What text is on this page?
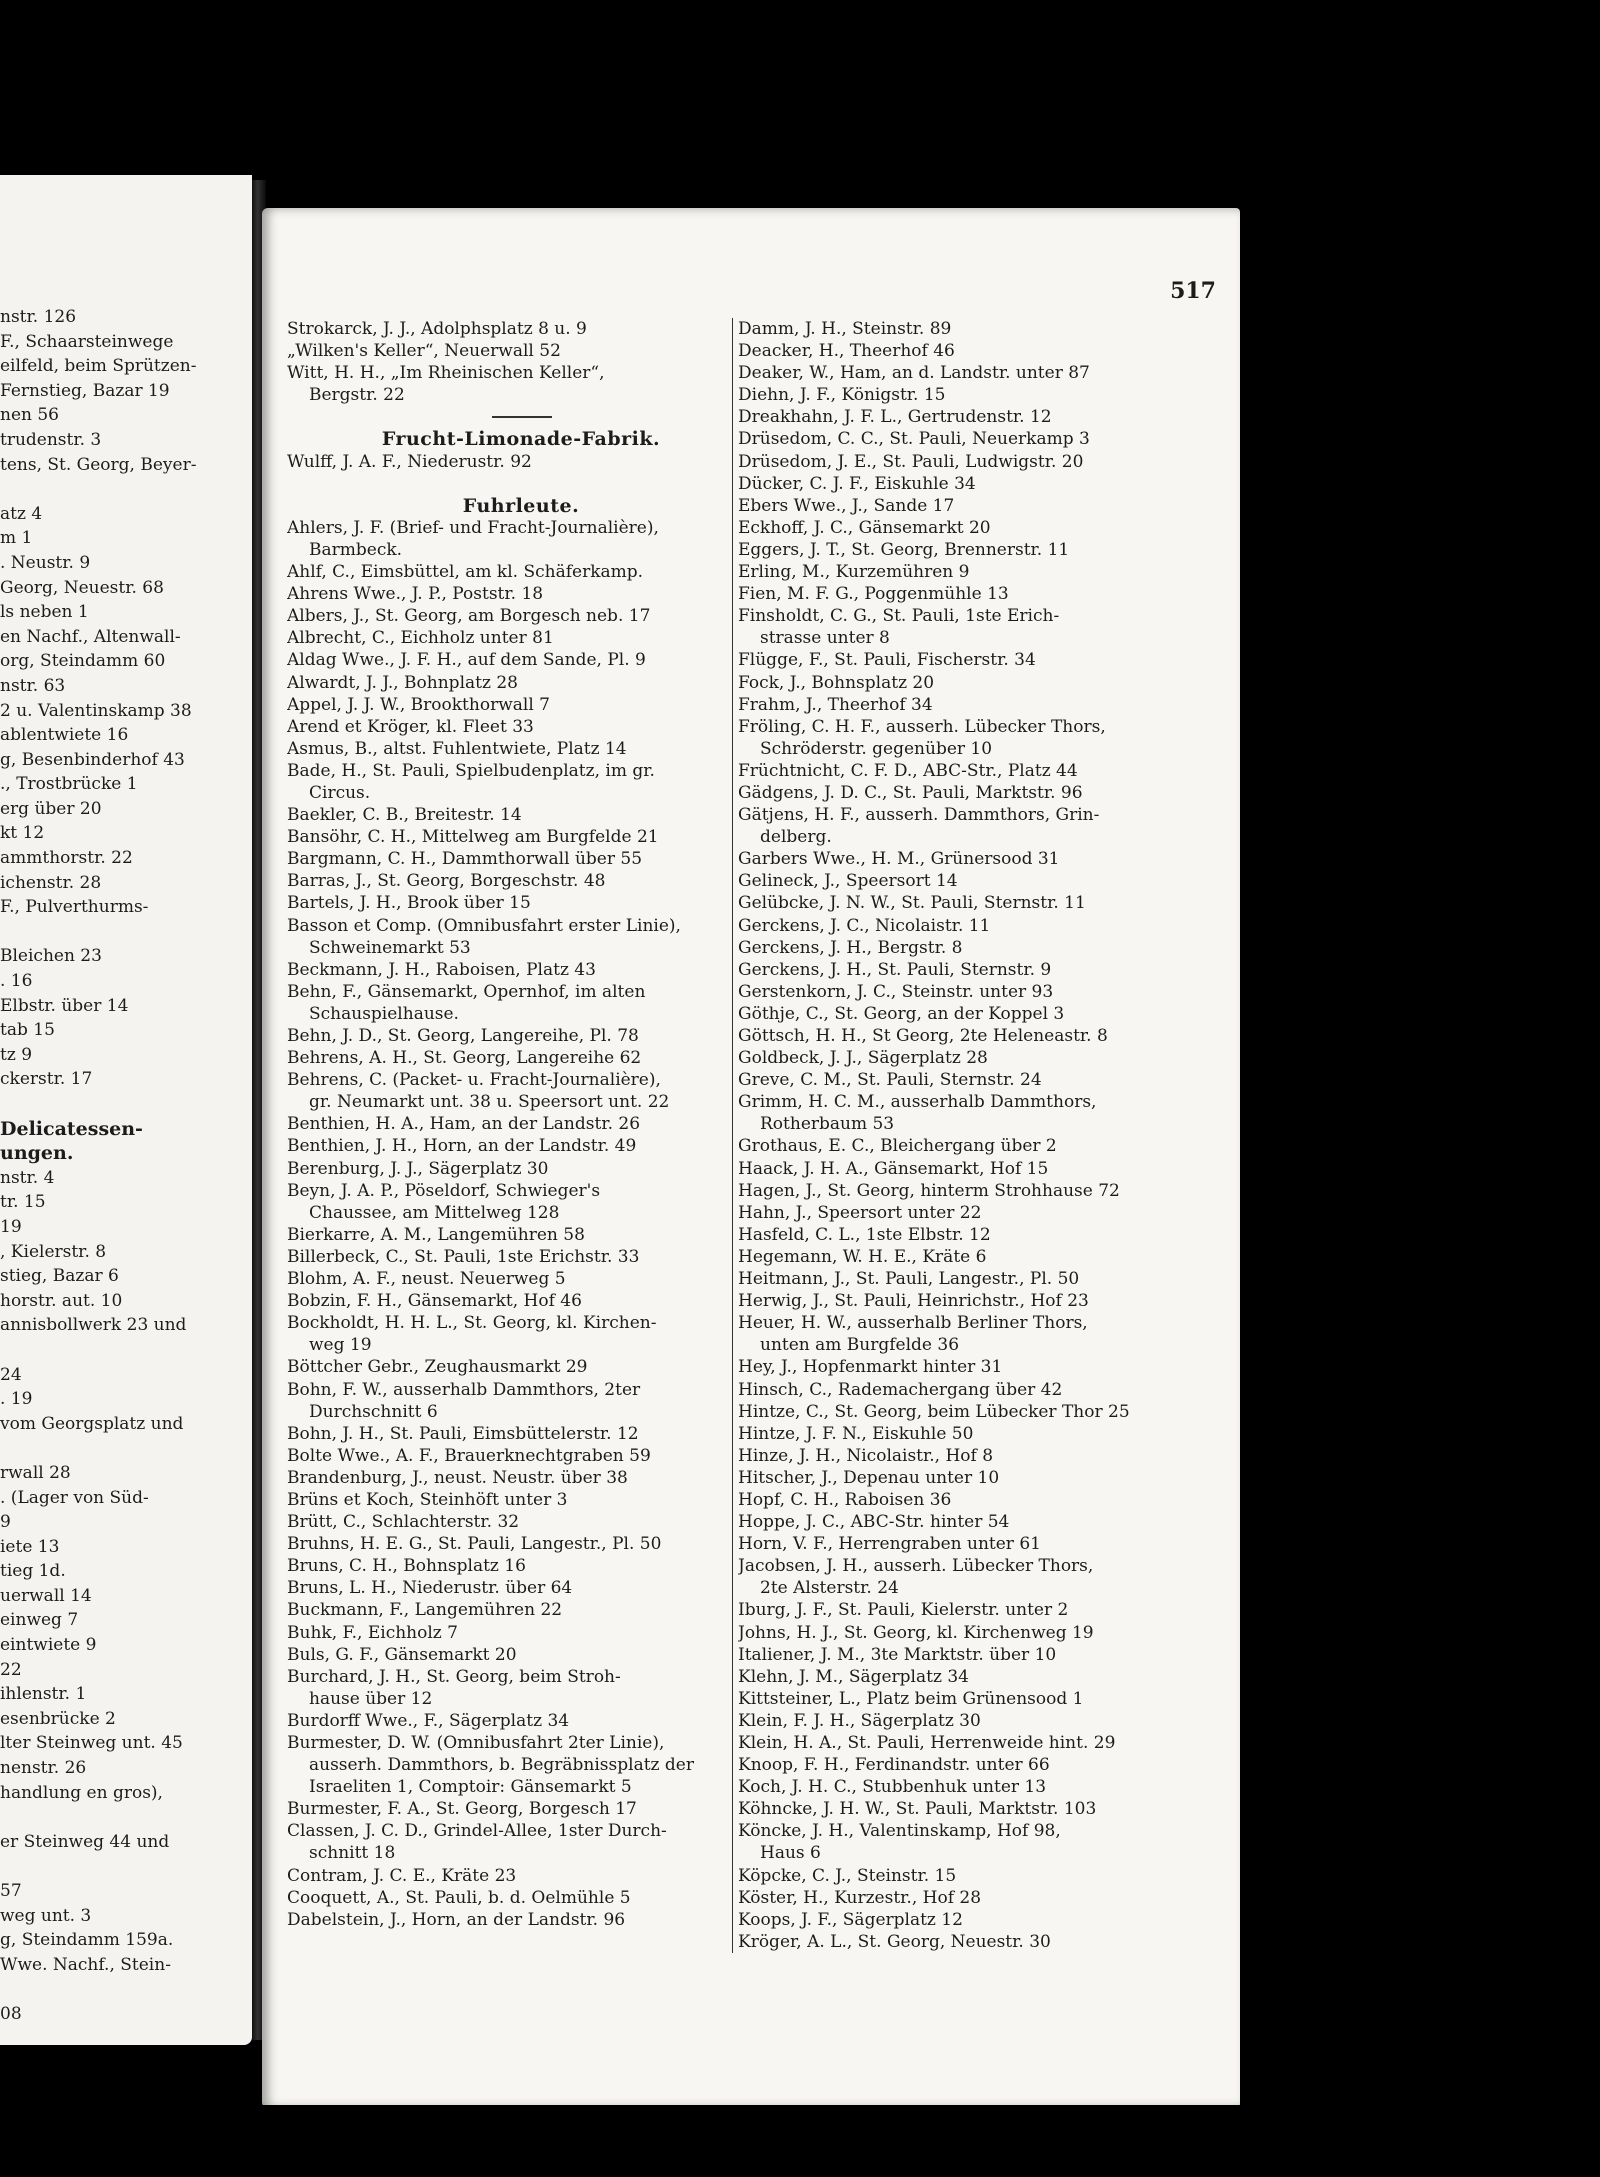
nstr. 126
F., Schaarsteinwege
eilfeld, beim Sprützen-
Fernstieg, Bazar 19
nen 56
trudenstr. 3
tens, St. Georg, Beyer-
atz 4
m 1
. Neustr. 9
Georg, Neuestr. 68
ls neben 1
en Nachf., Altenwall-
org, Steindamm 60
nstr. 63
2 u. Valentinskamp 38
ablentwiete 16
g, Besenbinderhof 43
., Trostbrücke 1
erg über 20
kt 12
ammthorstr. 22
ichenstr. 28
F., Pulverthurms-
Bleichen 23
. 16
Elbstr. über 14
tab 15
tz 9
ckerstr. 17
Delicatessen-
ungen.
nstr. 4
tr. 15
19
, Kielerstr. 8
stieg, Bazar 6
horstr. aut. 10
annisbollwerk 23 und
24
. 19
vom Georgsplatz und
rwall 28
. (Lager von Süd-
9
iete 13
tieg 1d.
uerwall 14
einweg 7
eintwiete 9
22
ihlenstr. 1
esenbrücke 2
lter Steinweg unt. 45
nenstr. 26
handlung en gros),
er Steinweg 44 und
57
weg unt. 3
g, Steindamm 159a.
Wwe. Nachf., Stein-
08
517
Strokarck, J. J., Adolphsplatz 8 u. 9
„Wilken's Keller“, Neuerwall 52
Witt, H. H., „Im Rheinischen Keller“,
Bergstr. 22
Frucht-Limonade-Fabrik.
Wulff, J. A. F., Niederustr. 92
Fuhrleute.
Ahlers, J. F. (Brief- und Fracht-Journalière),
Barmbeck.
Ahlf, C., Eimsbüttel, am kl. Schäferkamp.
Ahrens Wwe., J. P., Poststr. 18
Albers, J., St. Georg, am Borgesch neb. 17
Albrecht, C., Eichholz unter 81
Aldag Wwe., J. F. H., auf dem Sande, Pl. 9
Alwardt, J. J., Bohnplatz 28
Appel, J. J. W., Brookthorwall 7
Arend et Kröger, kl. Fleet 33
Asmus, B., altst. Fuhlentwiete, Platz 14
Bade, H., St. Pauli, Spielbudenplatz, im gr.
Circus.
Baekler, C. B., Breitestr. 14
Bansöhr, C. H., Mittelweg am Burgfelde 21
Bargmann, C. H., Dammthorwall über 55
Barras, J., St. Georg, Borgeschstr. 48
Bartels, J. H., Brook über 15
Basson et Comp. (Omnibusfahrt erster Linie),
Schweinemarkt 53
Beckmann, J. H., Raboisen, Platz 43
Behn, F., Gänsemarkt, Opernhof, im alten
Schauspielhause.
Behn, J. D., St. Georg, Langereihe, Pl. 78
Behrens, A. H., St. Georg, Langereihe 62
Behrens, C. (Packet- u. Fracht-Journalière),
gr. Neumarkt unt. 38 u. Speersort unt. 22
Benthien, H. A., Ham, an der Landstr. 26
Benthien, J. H., Horn, an der Landstr. 49
Berenburg, J. J., Sägerplatz 30
Beyn, J. A. P., Pöseldorf, Schwieger's
Chaussee, am Mittelweg 128
Bierkarre, A. M., Langemühren 58
Billerbeck, C., St. Pauli, 1ste Erichstr. 33
Blohm, A. F., neust. Neuerweg 5
Bobzin, F. H., Gänsemarkt, Hof 46
Bockholdt, H. H. L., St. Georg, kl. Kirchen-
weg 19
Böttcher Gebr., Zeughausmarkt 29
Bohn, F. W., ausserhalb Dammthors, 2ter
Durchschnitt 6
Bohn, J. H., St. Pauli, Eimsbüttelerstr. 12
Bolte Wwe., A. F., Brauerknechtgraben 59
Brandenburg, J., neust. Neustr. über 38
Brüns et Koch, Steinhöft unter 3
Brütt, C., Schlachterstr. 32
Bruhns, H. E. G., St. Pauli, Langestr., Pl. 50
Bruns, C. H., Bohnsplatz 16
Bruns, L. H., Niederustr. über 64
Buckmann, F., Langemühren 22
Buhk, F., Eichholz 7
Buls, G. F., Gänsemarkt 20
Burchard, J. H., St. Georg, beim Stroh-
hause über 12
Burdorff Wwe., F., Sägerplatz 34
Burmester, D. W. (Omnibusfahrt 2ter Linie),
ausserh. Dammthors, b. Begräbnissplatz der
Israeliten 1, Comptoir: Gänsemarkt 5
Burmester, F. A., St. Georg, Borgesch 17
Classen, J. C. D., Grindel-Allee, 1ster Durch-
schnitt 18
Contram, J. C. E., Kräte 23
Cooquett, A., St. Pauli, b. d. Oelmühle 5
Dabelstein, J., Horn, an der Landstr. 96
Damm, J. H., Steinstr. 89
Deacker, H., Theerhof 46
Deaker, W., Ham, an d. Landstr. unter 87
Diehn, J. F., Königstr. 15
Dreakhahn, J. F. L., Gertrudenstr. 12
Drüsedom, C. C., St. Pauli, Neuerkamp 3
Drüsedom, J. E., St. Pauli, Ludwigstr. 20
Dücker, C. J. F., Eiskuhle 34
Ebers Wwe., J., Sande 17
Eckhoff, J. C., Gänsemarkt 20
Eggers, J. T., St. Georg, Brennerstr. 11
Erling, M., Kurzemühren 9
Fien, M. F. G., Poggenmühle 13
Finsholdt, C. G., St. Pauli, 1ste Erich-
strasse unter 8
Flügge, F., St. Pauli, Fischerstr. 34
Fock, J., Bohnsplatz 20
Frahm, J., Theerhof 34
Fröling, C. H. F., ausserh. Lübecker Thors,
Schröderstr. gegenüber 10
Früchtnicht, C. F. D., ABC-Str., Platz 44
Gädgens, J. D. C., St. Pauli, Marktstr. 96
Gätjens, H. F., ausserh. Dammthors, Grin-
delberg.
Garbers Wwe., H. M., Grünersood 31
Gelineck, J., Speersort 14
Gelübcke, J. N. W., St. Pauli, Sternstr. 11
Gerckens, J. C., Nicolaistr. 11
Gerckens, J. H., Bergstr. 8
Gerckens, J. H., St. Pauli, Sternstr. 9
Gerstenkorn, J. C., Steinstr. unter 93
Göthje, C., St. Georg, an der Koppel 3
Göttsch, H. H., St Georg, 2te Heleneastr. 8
Goldbeck, J. J., Sägerplatz 28
Greve, C. M., St. Pauli, Sternstr. 24
Grimm, H. C. M., ausserhalb Dammthors,
Rotherbaum 53
Grothaus, E. C., Bleichergang über 2
Haack, J. H. A., Gänsemarkt, Hof 15
Hagen, J., St. Georg, hinterm Strohhause 72
Hahn, J., Speersort unter 22
Hasfeld, C. L., 1ste Elbstr. 12
Hegemann, W. H. E., Kräte 6
Heitmann, J., St. Pauli, Langestr., Pl. 50
Herwig, J., St. Pauli, Heinrichstr., Hof 23
Heuer, H. W., ausserhalb Berliner Thors,
unten am Burgfelde 36
Hey, J., Hopfenmarkt hinter 31
Hinsch, C., Rademachergang über 42
Hintze, C., St. Georg, beim Lübecker Thor 25
Hintze, J. F. N., Eiskuhle 50
Hinze, J. H., Nicolaistr., Hof 8
Hitscher, J., Depenau unter 10
Hopf, C. H., Raboisen 36
Hoppe, J. C., ABC-Str. hinter 54
Horn, V. F., Herrengraben unter 61
Jacobsen, J. H., ausserh. Lübecker Thors,
2te Alsterstr. 24
Iburg, J. F., St. Pauli, Kielerstr. unter 2
Johns, H. J., St. Georg, kl. Kirchenweg 19
Italiener, J. M., 3te Marktstr. über 10
Klehn, J. M., Sägerplatz 34
Kittsteiner, L., Platz beim Grünensood 1
Klein, F. J. H., Sägerplatz 30
Klein, H. A., St. Pauli, Herrenweide hint. 29
Knoop, F. H., Ferdinandstr. unter 66
Koch, J. H. C., Stubbenhuk unter 13
Köhncke, J. H. W., St. Pauli, Marktstr. 103
Köncke, J. H., Valentinskamp, Hof 98,
Haus 6
Köpcke, C. J., Steinstr. 15
Köster, H., Kurzestr., Hof 28
Koops, J. F., Sägerplatz 12
Kröger, A. L., St. Georg, Neuestr. 30
